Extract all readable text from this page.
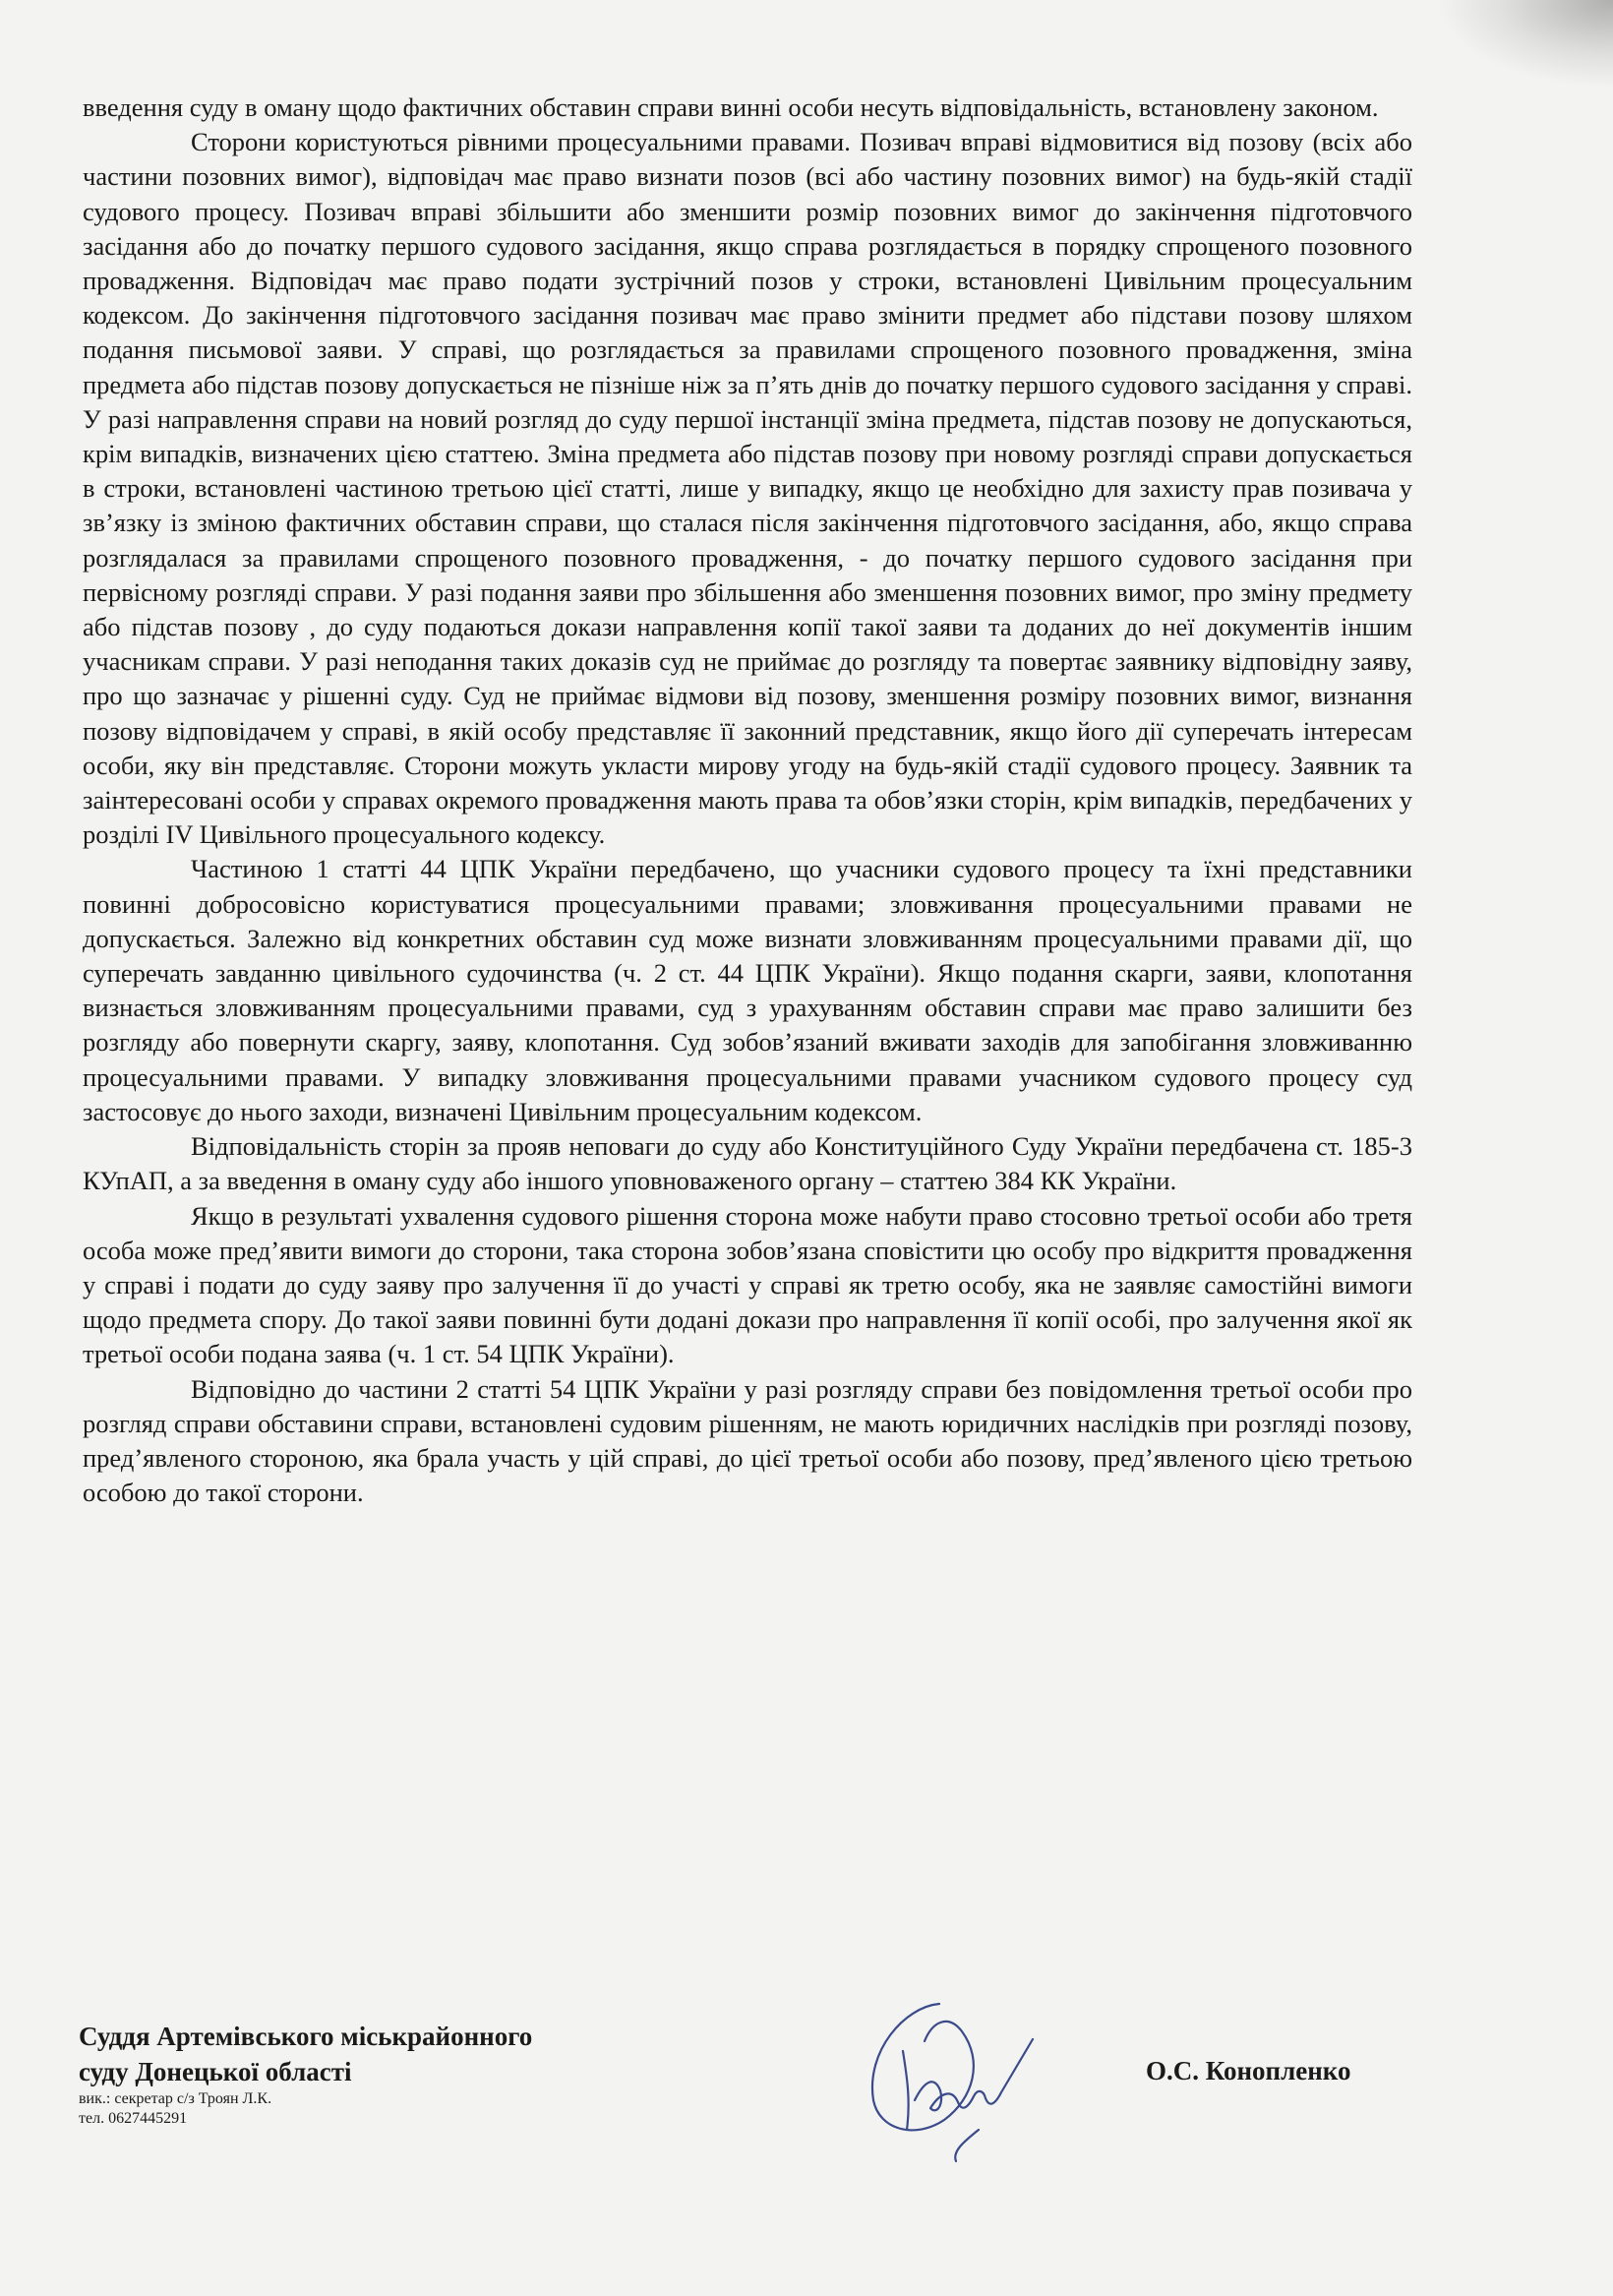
введення суду в оману щодо фактичних обставин справи винні особи несуть відповідальність, встановлену законом.

Сторони користуються рівними процесуальними правами. Позивач вправі відмовитися від позову (всіх або частини позовних вимог), відповідач має право визнати позов (всі або частину позовних вимог) на будь-якій стадії судового процесу. Позивач вправі збільшити або зменшити розмір позовних вимог до закінчення підготовчого засідання або до початку першого судового засідання, якщо справа розглядається в порядку спрощеного позовного провадження. Відповідач має право подати зустрічний позов у строки, встановлені Цивільним процесуальним кодексом. До закінчення підготовчого засідання позивач має право змінити предмет або підстави позову шляхом подання письмової заяви. У справі, що розглядається за правилами спрощеного позовного провадження, зміна предмета або підстав позову допускається не пізніше ніж за п’ять днів до початку першого судового засідання у справі. У разі направлення справи на новий розгляд до суду першої інстанції зміна предмета, підстав позову не допускаються, крім випадків, визначених цією статтею. Зміна предмета або підстав позову при новому розгляді справи допускається в строки, встановлені частиною третьою цієї статті, лише у випадку, якщо це необхідно для захисту прав позивача у зв’язку із зміною фактичних обставин справи, що сталася після закінчення підготовчого засідання, або, якщо справа розглядалася за правилами спрощеного позовного провадження, - до початку першого судового засідання при первісному розгляді справи. У разі подання заяви про збільшення або зменшення позовних вимог, про зміну предмету або підстав позову , до суду подаються докази направлення копії такої заяви та доданих до неї документів іншим учасникам справи. У разі неподання таких доказів суд не приймає до розгляду та повертає заявнику відповідну заяву, про що зазначає у рішенні суду. Суд не приймає відмови від позову, зменшення розміру позовних вимог, визнання позову відповідачем у справі, в якій особу представляє її законний представник, якщо його дії суперечать інтересам особи, яку він представляє. Сторони можуть укласти мирову угоду на будь-якій стадії судового процесу. Заявник та заінтересовані особи у справах окремого провадження мають права та обов’язки сторін, крім випадків, передбачених у розділі IV Цивільного процесуального кодексу.

Частиною 1 статті 44 ЦПК України передбачено, що учасники судового процесу та їхні представники повинні добросовісно користуватися процесуальними правами; зловживання процесуальними правами не допускається. Залежно від конкретних обставин суд може визнати зловживанням процесуальними правами дії, що суперечать завданню цивільного судочинства (ч. 2 ст. 44 ЦПК України). Якщо подання скарги, заяви, клопотання визнається зловживанням процесуальними правами, суд з урахуванням обставин справи має право залишити без розгляду або повернути скаргу, заяву, клопотання. Суд зобов’язаний вживати заходів для запобігання зловживанню процесуальними правами. У випадку зловживання процесуальними правами учасником судового процесу суд застосовує до нього заходи, визначені Цивільним процесуальним кодексом.

Відповідальність сторін за прояв неповаги до суду або Конституційного Суду України передбачена ст. 185-3 КУпАП, а за введення в оману суду або іншого уповноваженого органу – статтею 384 КК України.

Якщо в результаті ухвалення судового рішення сторона може набути право стосовно третьої особи або третя особа може пред’явити вимоги до сторони, така сторона зобов’язана сповістити цю особу про відкриття провадження у справі і подати до суду заяву про залучення її до участі у справі як третю особу, яка не заявляє самостійні вимоги щодо предмета спору. До такої заяви повинні бути додані докази про направлення її копії особі, про залучення якої як третьої особи подана заява (ч. 1 ст. 54 ЦПК України).

Відповідно до частини 2 статті 54 ЦПК України у разі розгляду справи без повідомлення третьої особи про розгляд справи обставини справи, встановлені судовим рішенням, не мають юридичних наслідків при розгляді позову, пред’явленого стороною, яка брала участь у цій справі, до цієї третьої особи або позову, пред’явленого цією третьою особою до такої сторони.

Суддя Артемівського міськрайонного
суду Донецької області
вик.: секретар с/з Троян Л.К.
тел. 0627445291
О.С. Коноплeнко
